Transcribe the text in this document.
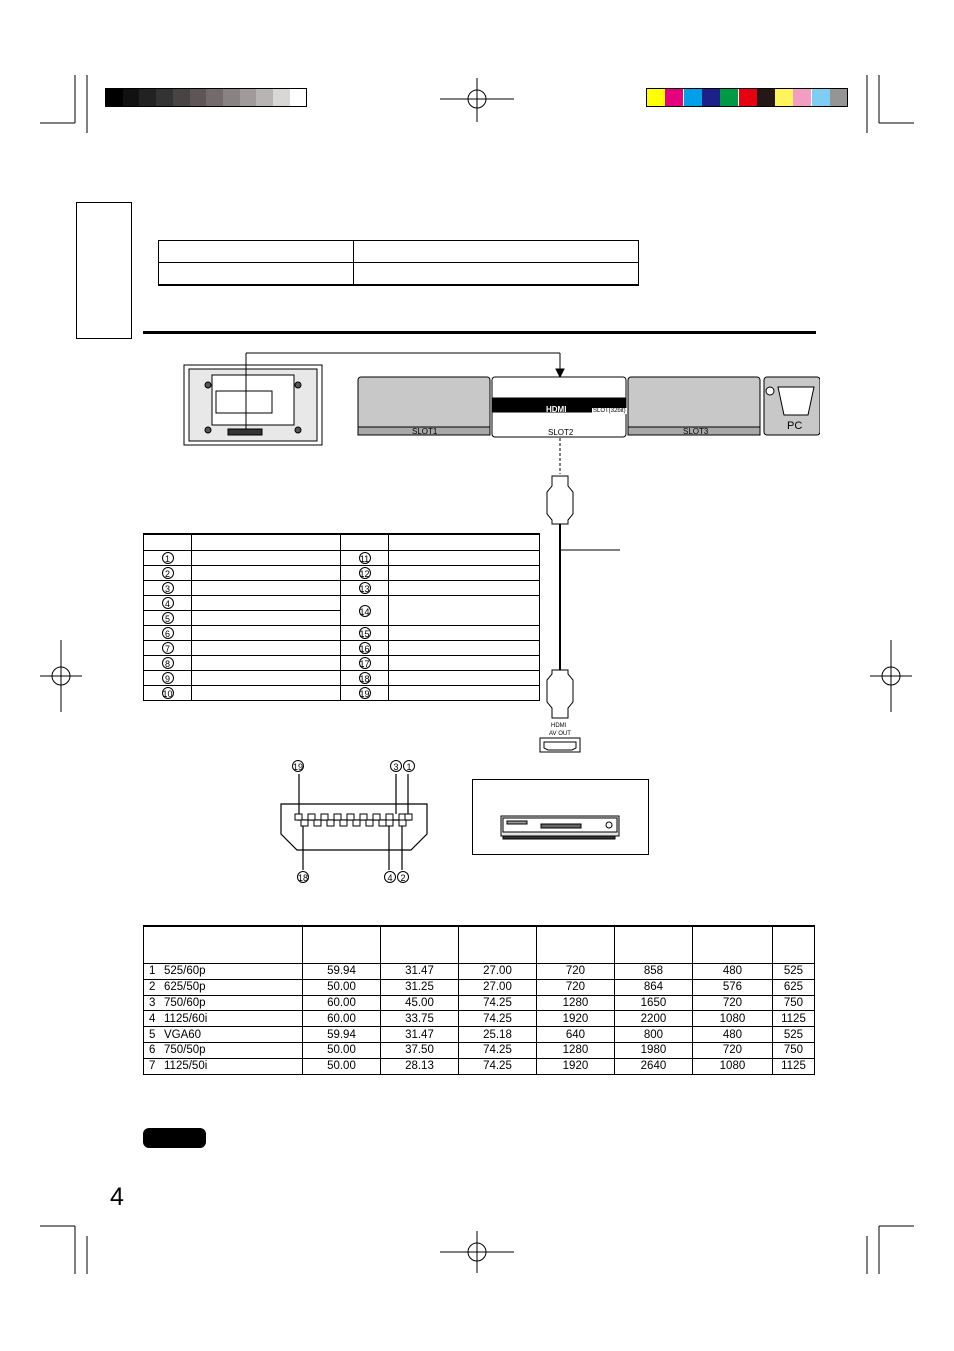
SLOT1	SLOT2
HDMI	SLOT(32bit)
SLOT3	PC
HDMI
AV OUT

1		11	
2		12	
3		13	
4		14	
5			
6		15	
7		16	
8		17	
9		18	
10		19	
19	3 1
18	4 2

1	525/60p	59.94	31.47	27.00	720	858	480	525
2	625/50p	50.00	31.25	27.00	720	864	576	625
3	750/60p	60.00	45.00	74.25	1280	1650	720	750
4	1125/60i	60.00	33.75	74.25	1920	2200	1080	1125
5	VGA60	59.94	31.47	25.18	640	800	480	525
6	750/50p	50.00	37.50	74.25	1280	1980	720	750
7	1125/50i	50.00	28.13	74.25	1920	2640	1080	1125
4
